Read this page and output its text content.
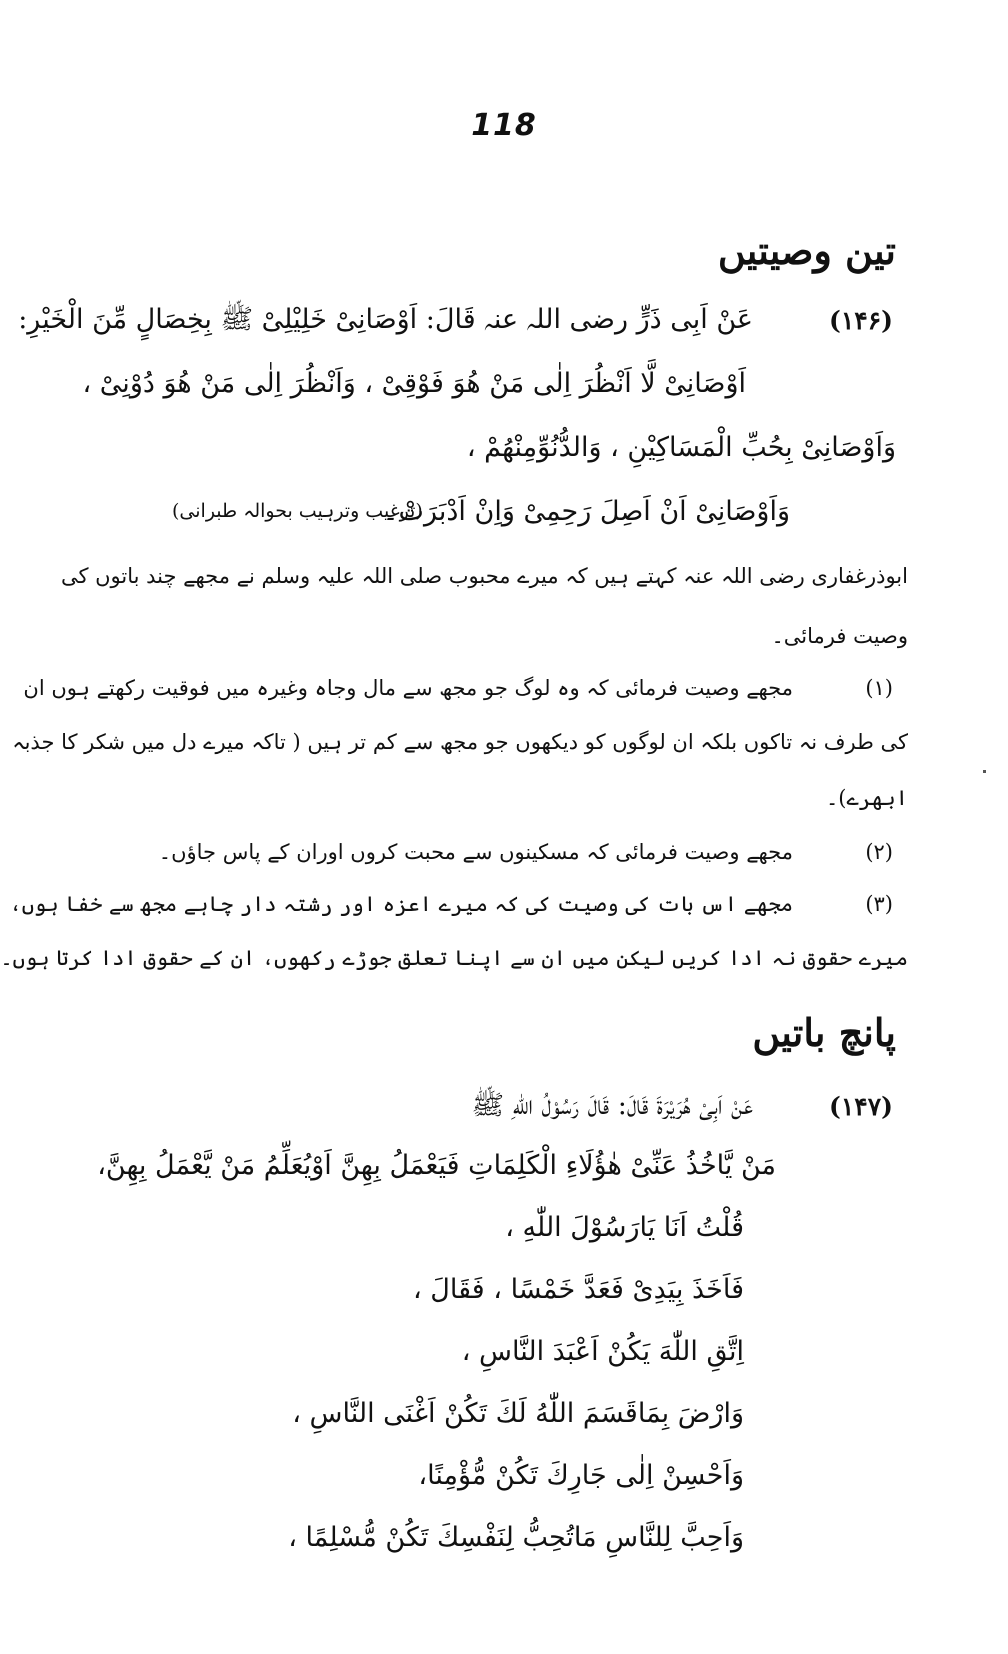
118
تین وصیتیں
(۱۴۶)
عَنْ اَبِی ذَرٍّ رضی اللہ عنہ قَالَ: اَوْصَانِیْ خَلِیْلِیْ ﷺ بِخِصَالٍ مِّنَ الْخَیْرِ:
اَوْصَانِیْ لَّا اَنْظُرَ اِلٰی مَنْ ھُوَ فَوْقِیْ ، وَاَنْظُرَ اِلٰی مَنْ ھُوَ دُوْنِیْ ،
وَاَوْصَانِیْ بِحُبِّ الْمَسَاکِیْنِ ، وَالدُّنُوِّمِنْھُمْ ،
وَاَوْصَانِیْ اَنْ اَصِلَ رَحِمِیْ وَاِنْ اَدْبَرَتْ۔
(ترغیب وترہیب بحوالہ طبرانی)
ابوذرغفاری رضی اللہ عنہ کہتے ہیں کہ میرے محبوب صلی اللہ علیہ وسلم نے مجھے چند باتوں کی
وصیت فرمائی۔
(۱)
مجھے وصیت فرمائی کہ وہ لوگ جو مجھ سے مال وجاہ وغیرہ میں فوقیت رکھتے ہوں ان
کی طرف نہ تاکوں بلکہ ان لوگوں کو دیکھوں جو مجھ سے کم تر ہیں ( تاکہ میرے دل میں شکر کا جذبہ
ابھرے)۔
(۲)
مجھے وصیت فرمائی کہ مسکینوں سے محبت کروں اوران کے پاس جاؤں۔
(۳)
مجھے اس بات کی وصیت کی کہ میرے اعزہ اور رشتہ دار چاہے مجھ سے خفا ہوں،
میرے حقوق نہ ادا کریں لیکن میں ان سے اپنا تعلق جوڑے رکھوں، ان کے حقوق ادا کرتا ہوں۔
پانچ باتیں
(۱۴۷)
عَنْ اَبِیْ ھُرَیْرَةَ قَالَ: قَالَ رَسُوْلُ اللّٰهِ ﷺ
مَنْ یَّاخُذُ عَنِّیْ ھٰؤُلَاءِ الْکَلِمَاتِ فَیَعْمَلُ بِھِنَّ اَوْیُعَلِّمُ مَنْ یَّعْمَلُ بِھِنَّ،
قُلْتُ اَنَا یَارَسُوْلَ اللّٰهِ ،
فَاَخَذَ بِیَدِیْ فَعَدَّ خَمْسًا ، فَقَالَ ،
اِتَّقِ اللّٰهَ یَکُنْ اَعْبَدَ النَّاسِ ،
وَارْضَ بِمَاقَسَمَ اللّٰهُ لَكَ تَکُنْ اَغْنَی النَّاسِ ،
وَاَحْسِنْ اِلٰی جَارِكَ تَکُنْ مُّؤْمِنًا،
وَاَحِبَّ لِلنَّاسِ مَاتُحِبُّ لِنَفْسِكَ تَکُنْ مُّسْلِمًا ،
